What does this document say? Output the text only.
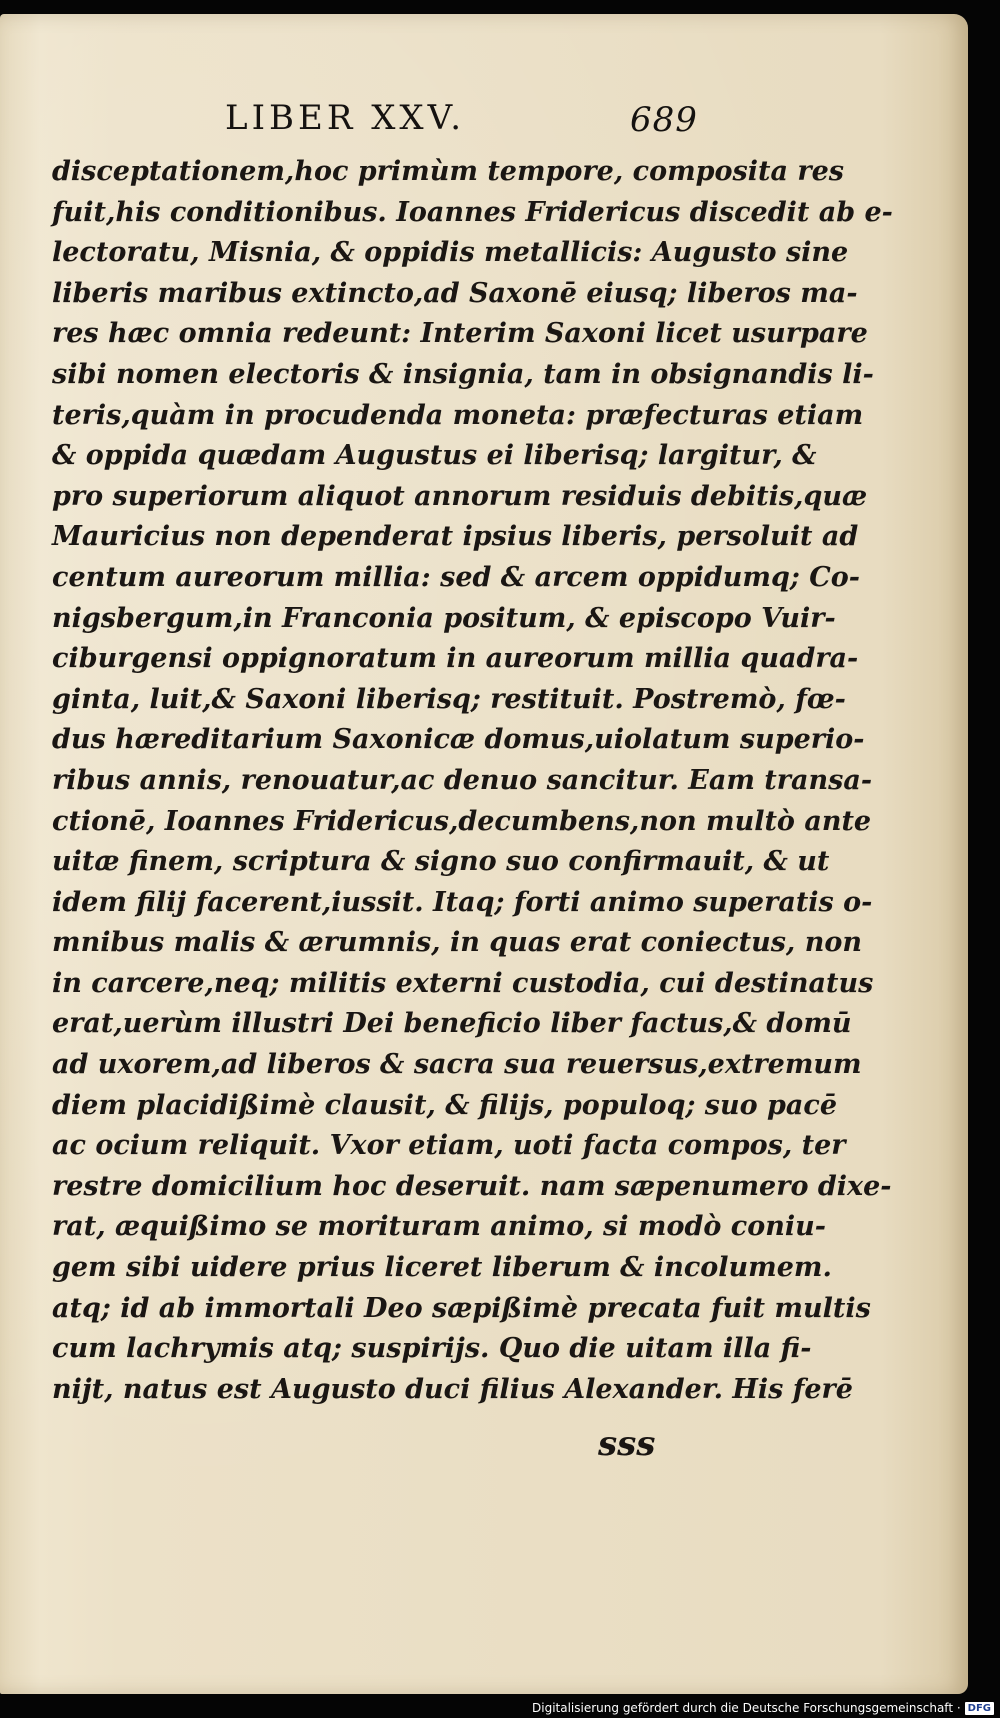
LIBER XXV.	689
disceptationem,hoc primùm tempore, composita res
fuit,his conditionibus. Ioannes Fridericus discedit ab e-
lectoratu, Misnia, & oppidis metallicis: Augusto sine
liberis maribus extincto,ad Saxonē eiusq; liberos ma-
res hæc omnia redeunt: Interim Saxoni licet usurpare
sibi nomen electoris & insignia, tam in obsignandis li-
teris,quàm in procudenda moneta: præfecturas etiam
& oppida quædam Augustus ei liberisq; largitur, &
pro superiorum aliquot annorum residuis debitis,quæ
Mauricius non dependerat ipsius liberis, persoluit ad
centum aureorum millia: sed & arcem oppidumq; Co-
nigsbergum,in Franconia positum, & episcopo Vuir-
ciburgensi oppignoratum in aureorum millia quadra-
ginta, luit,& Saxoni liberisq; restituit. Postremò, fœ-
dus hæreditarium Saxonicæ domus,uiolatum superio-
ribus annis, renouatur,ac denuo sancitur. Eam transa-
ctionē, Ioannes Fridericus,decumbens,non multò ante
uitæ finem, scriptura & signo suo confirmauit, & ut
idem filij facerent,iussit. Itaq; forti animo superatis o-
mnibus malis & ærumnis, in quas erat coniectus, non
in carcere,neq; militis externi custodia, cui destinatus
erat,uerùm illustri Dei beneficio liber factus,& domū
ad uxorem,ad liberos & sacra sua reuersus,extremum
diem placidißimè clausit, & filijs, populoq; suo pacē
ac ocium reliquit. Vxor etiam, uoti facta compos, ter
restre domicilium hoc deseruit. nam sæpenumero dixe-
rat, æquißimo se morituram animo, si modò coniu-
gem sibi uidere prius liceret liberum & incolumem.
atq; id ab immortali Deo sæpißimè precata fuit multis
cum lachrymis atq; suspirijs. Quo die uitam illa fi-
nijt, natus est Augusto duci filius Alexander. His ferē
sss
Digitalisierung gefördert durch die Deutsche Forschungsgemeinschaft · DFG
